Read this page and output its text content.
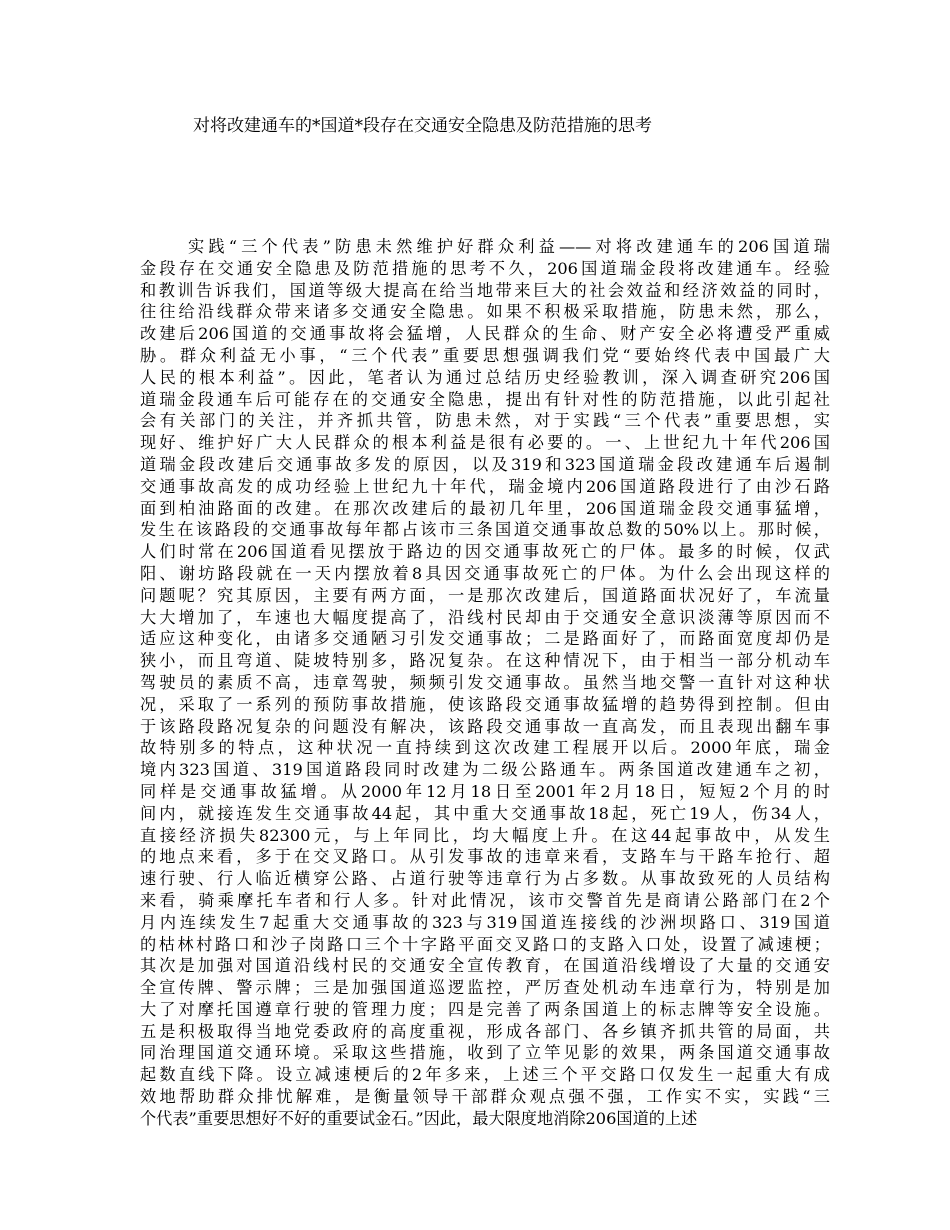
对将改建通车的*国道*段存在交通安全隐患及防范措施的思考
实践“三个代表”防患未然维护好群众利益——对将改建通车的206国道瑞
金段存在交通安全隐患及防范措施的思考不久，206国道瑞金段将改建通车。经验
和教训告诉我们，国道等级大提高在给当地带来巨大的社会效益和经济效益的同时，
往往给沿线群众带来诸多交通安全隐患。如果不积极采取措施，防患未然，那么，
改建后206国道的交通事故将会猛增，人民群众的生命、财产安全必将遭受严重威
胁。群众利益无小事，“三个代表”重要思想强调我们党“要始终代表中国最广大
人民的根本利益”。因此，笔者认为通过总结历史经验教训，深入调查研究206国
道瑞金段通车后可能存在的交通安全隐患，提出有针对性的防范措施，以此引起社
会有关部门的关注，并齐抓共管，防患未然，对于实践“三个代表”重要思想，实
现好、维护好广大人民群众的根本利益是很有必要的。一、上世纪九十年代206国
道瑞金段改建后交通事故多发的原因，以及319和323国道瑞金段改建通车后遏制
交通事故高发的成功经验上世纪九十年代，瑞金境内206国道路段进行了由沙石路
面到柏油路面的改建。在那次改建后的最初几年里，206国道瑞金段交通事猛增，
发生在该路段的交通事故每年都占该市三条国道交通事故总数的50%以上。那时候，
人们时常在206国道看见摆放于路边的因交通事故死亡的尸体。最多的时候，仅武
阳、谢坊路段就在一天内摆放着8具因交通事故死亡的尸体。为什么会出现这样的
问题呢？究其原因，主要有两方面，一是那次改建后，国道路面状况好了，车流量
大大增加了，车速也大幅度提高了，沿线村民却由于交通安全意识淡薄等原因而不
适应这种变化，由诸多交通陋习引发交通事故；二是路面好了，而路面宽度却仍是
狭小，而且弯道、陡坡特别多，路况复杂。在这种情况下，由于相当一部分机动车
驾驶员的素质不高，违章驾驶，频频引发交通事故。虽然当地交警一直针对这种状
况，采取了一系列的预防事故措施，使该路段交通事故猛增的趋势得到控制。但由
于该路段路况复杂的问题没有解决，该路段交通事故一直高发，而且表现出翻车事
故特别多的特点，这种状况一直持续到这次改建工程展开以后。2000年底，瑞金
境内323国道、319国道路段同时改建为二级公路通车。两条国道改建通车之初，
同样是交通事故猛增。从2000年12月18日至2001年2月18日，短短2个月的时
间内，就接连发生交通事故44起，其中重大交通事故18起，死亡19人，伤34人，
直接经济损失82300元，与上年同比，均大幅度上升。在这44起事故中，从发生
的地点来看，多于在交叉路口。从引发事故的违章来看，支路车与干路车抢行、超
速行驶、行人临近横穿公路、占道行驶等违章行为占多数。从事故致死的人员结构
来看，骑乘摩托车者和行人多。针对此情况，该市交警首先是商请公路部门在2个
月内连续发生7起重大交通事故的323与319国道连接线的沙洲坝路口、319国道
的枯林村路口和沙子岗路口三个十字路平面交叉路口的支路入口处，设置了减速梗；
其次是加强对国道沿线村民的交通安全宣传教育，在国道沿线增设了大量的交通安
全宣传牌、警示牌；三是加强国道巡逻监控，严厉查处机动车违章行为，特别是加
大了对摩托国遵章行驶的管理力度；四是完善了两条国道上的标志牌等安全设施。
五是积极取得当地党委政府的高度重视，形成各部门、各乡镇齐抓共管的局面，共
同治理国道交通环境。采取这些措施，收到了立竿见影的效果，两条国道交通事故
起数直线下降。设立减速梗后的2年多来，上述三个平交路口仅发生一起重大有成
效地帮助群众排忧解难，是衡量领导干部群众观点强不强，工作实不实，实践“三
个代表”重要思想好不好的重要试金石。”因此，最大限度地消除206国道的上述
